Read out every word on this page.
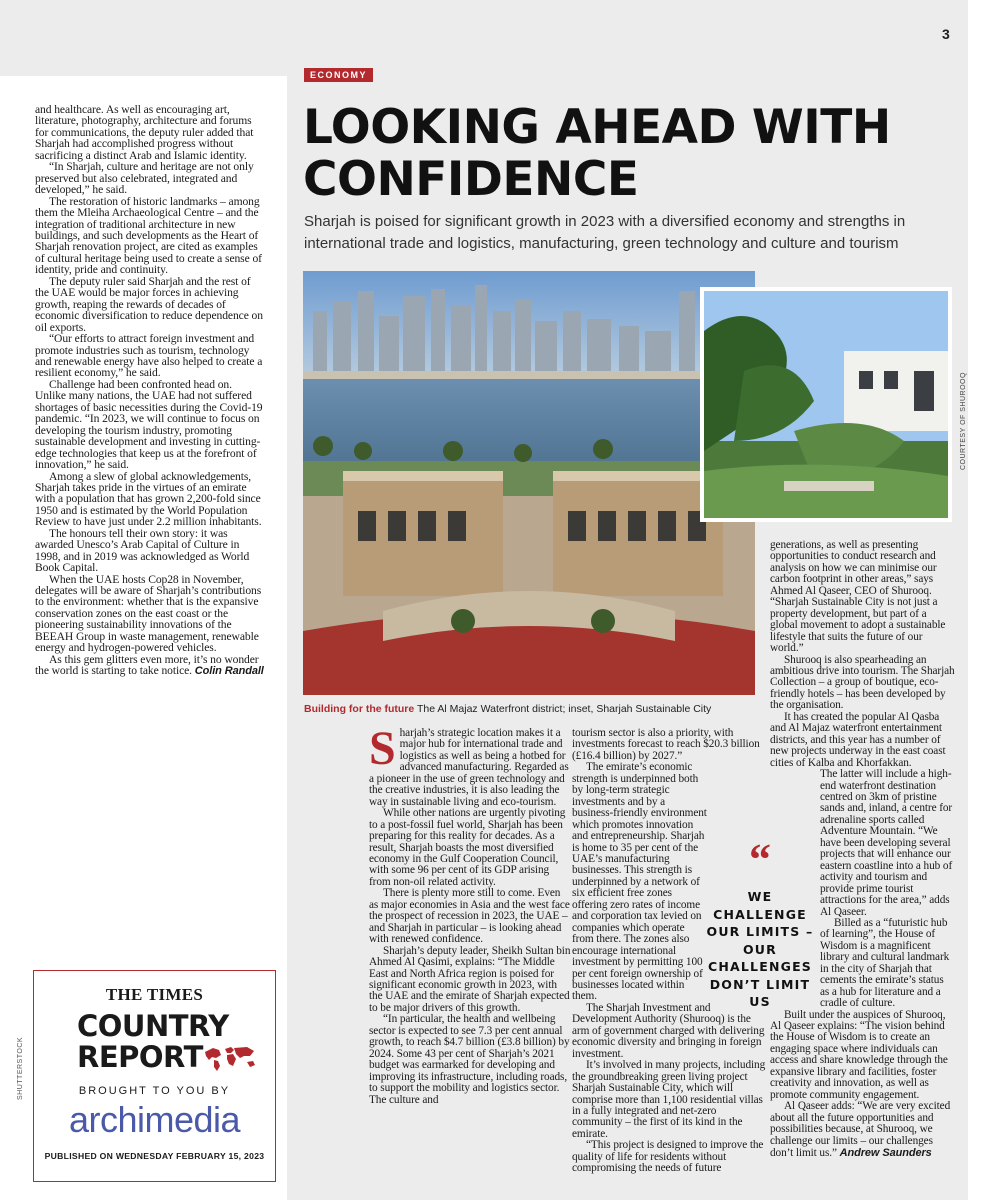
3

and healthcare. As well as encouraging art, literature, photography, architecture and forums for communications, the deputy ruler added that Sharjah had accomplished progress without sacrificing a distinct Arab and Islamic identity.

“In Sharjah, culture and heritage are not only preserved but also celebrated, integrated and developed,” he said.

The restoration of historic landmarks – among them the Mleiha Archaeological Centre – and the integration of traditional architecture in new buildings, and such developments as the Heart of Sharjah renovation project, are cited as examples of cultural heritage being used to create a sense of identity, pride and continuity.

The deputy ruler said Sharjah and the rest of the UAE would be major forces in achieving growth, reaping the rewards of decades of economic diversification to reduce dependence on oil exports.

“Our efforts to attract foreign investment and promote industries such as tourism, technology and renewable energy have also helped to create a resilient economy,” he said.

Challenge had been confronted head on. Unlike many nations, the UAE had not suffered shortages of basic necessities during the Covid-19 pandemic. “In 2023, we will continue to focus on developing the tourism industry, promoting sustainable development and investing in cutting-edge technologies that keep us at the forefront of innovation,” he said.

Among a slew of global acknowledgements, Sharjah takes pride in the virtues of an emirate with a population that has grown 2,200-fold since 1950 and is estimated by the World Population Review to have just under 2.2 million inhabitants.

The honours tell their own story: it was awarded Unesco’s Arab Capital of Culture in 1998, and in 2019 was acknowledged as World Book Capital.

When the UAE hosts Cop28 in November, delegates will be aware of Sharjah’s contributions to the environment: whether that is the expansive conservation zones on the east coast or the pioneering sustainability innovations of the BEEAH Group in waste management, renewable energy and hydrogen-powered vehicles.

As this gem glitters even more, it’s no wonder the world is starting to take notice. Colin Randall

THE TIMES
COUNTRY
REPORT
BROUGHT TO YOU BY
archimedia
PUBLISHED ON WEDNESDAY FEBRUARY 15, 2023
SHUTTERSTOCK
ECONOMY
LOOKING AHEAD WITH CONFIDENCE

Sharjah is poised for significant growth in 2023 with a diversified economy and strengths in international trade and logistics, manufacturing, green technology and culture and tourism

COURTESY OF SHUROOQ

Building for the future The Al Majaz Waterfront district; inset, Sharjah Sustainable City

Sharjah’s strategic location makes it a major hub for international trade and logistics as well as being a hotbed for advanced manufacturing. Regarded as a pioneer in the use of green technology and the creative industries, it is also leading the way in sustainable living and eco-tourism.

While other nations are urgently pivoting to a post-fossil fuel world, Sharjah has been preparing for this reality for decades. As a result, Sharjah boasts the most diversified economy in the Gulf Cooperation Council, with some 96 per cent of its GDP arising from non-oil related activity.

There is plenty more still to come. Even as major economies in Asia and the west face the prospect of recession in 2023, the UAE – and Sharjah in particular – is looking ahead with renewed confidence.

Sharjah’s deputy leader, Sheikh Sultan bin Ahmed Al Qasimi, explains: “The Middle East and North Africa region is poised for significant economic growth in 2023, with the UAE and the emirate of Sharjah expected to be major drivers of this growth.

“In particular, the health and wellbeing sector is expected to see 7.3 per cent annual growth, to reach $4.7 billion (£3.8 billion) by 2024. Some 43 per cent of Sharjah’s 2021 budget was earmarked for developing and improving its infrastructure, including roads, to support the mobility and logistics sector. The culture and

tourism sector is also a priority, with investments forecast to reach $20.3 billion (£16.4 billion) by 2027.”

The emirate’s economic strength is underpinned both by long-term strategic investments and by a business-friendly environment which promotes innovation and entrepreneurship. Sharjah is home to 35 per cent of the UAE’s manufacturing businesses. This strength is underpinned by a network of six efficient free zones offering zero rates of income and corporation tax levied on companies which operate from there. The zones also encourage international investment by permitting 100 per cent foreign ownership of businesses located within them.

The Sharjah Investment and Development Authority (Shurooq) is the arm of government charged with delivering economic diversity and bringing in foreign investment.

It’s involved in many projects, including the groundbreaking green living project Sharjah Sustainable City, which will comprise more than 1,100 residential villas in a fully integrated and net-zero community – the first of its kind in the emirate.

“This project is designed to improve the quality of life for residents without compromising the needs of future

“
WE CHALLENGE OUR LIMITS – OUR CHALLENGES DON’T LIMIT US

generations, as well as presenting opportunities to conduct research and analysis on how we can minimise our carbon footprint in other areas,” says Ahmed Al Qaseer, CEO of Shurooq. “Sharjah Sustainable City is not just a property development, but part of a global movement to adopt a sustainable lifestyle that suits the future of our world.”

Shurooq is also spearheading an ambitious drive into tourism. The Sharjah Collection – a group of boutique, eco-friendly hotels – has been developed by the organisation.

It has created the popular Al Qasba and Al Majaz waterfront entertainment districts, and this year has a number of new projects underway in the east coast cities of Kalba and Khorfakkan.

The latter will include a high-end waterfront destination centred on 3km of pristine sands and, inland, a centre for adrenaline sports called Adventure Mountain. “We have been developing several projects that will enhance our eastern coastline into a hub of activity and tourism and provide prime tourist attractions for the area,” adds Al Qaseer.

Billed as a “futuristic hub of learning”, the House of Wisdom is a magnificent library and cultural landmark in the city of Sharjah that cements the emirate’s status as a hub for literature and a cradle of culture.

Built under the auspices of Shurooq, Al Qaseer explains: “The vision behind the House of Wisdom is to create an engaging space where individuals can access and share knowledge through the expansive library and facilities, foster creativity and innovation, as well as promote community engagement.

Al Qaseer adds: “We are very excited about all the future opportunities and possibilities because, at Shurooq, we challenge our limits – our challenges don’t limit us.” Andrew Saunders
